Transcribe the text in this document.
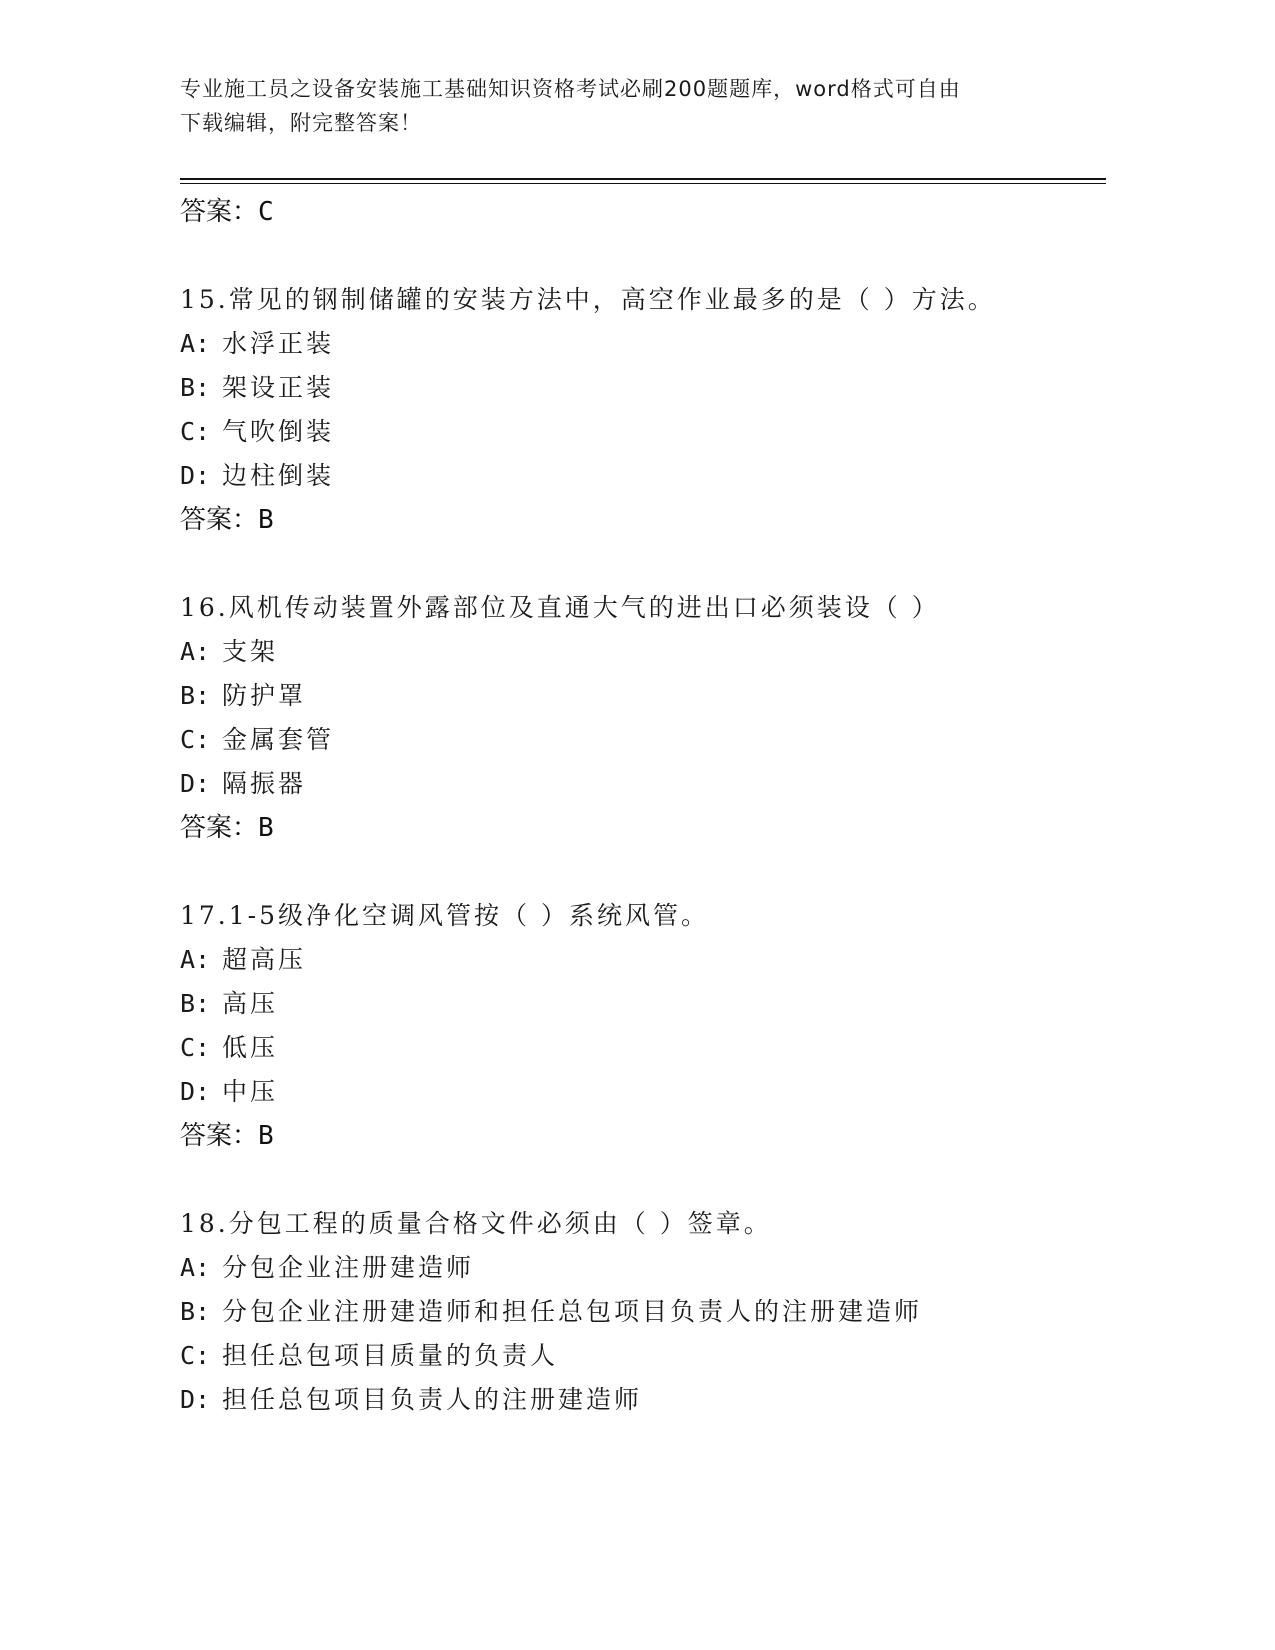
专业施工员之设备安装施工基础知识资格考试必刷200题题库，word格式可自由
下载编辑，附完整答案！
答案：C
15.常见的钢制储罐的安装方法中，高空作业最多的是（ ）方法。
A: 水浮正装
B: 架设正装
C: 气吹倒装
D: 边柱倒装
答案：B
16.风机传动装置外露部位及直通大气的进出口必须装设（ ）
A: 支架
B: 防护罩
C: 金属套管
D: 隔振器
答案：B
17.1-5级净化空调风管按（ ）系统风管。
A: 超高压
B: 高压
C: 低压
D: 中压
答案：B
18.分包工程的质量合格文件必须由（ ）签章。
A: 分包企业注册建造师
B: 分包企业注册建造师和担任总包项目负责人的注册建造师
C: 担任总包项目质量的负责人
D: 担任总包项目负责人的注册建造师
